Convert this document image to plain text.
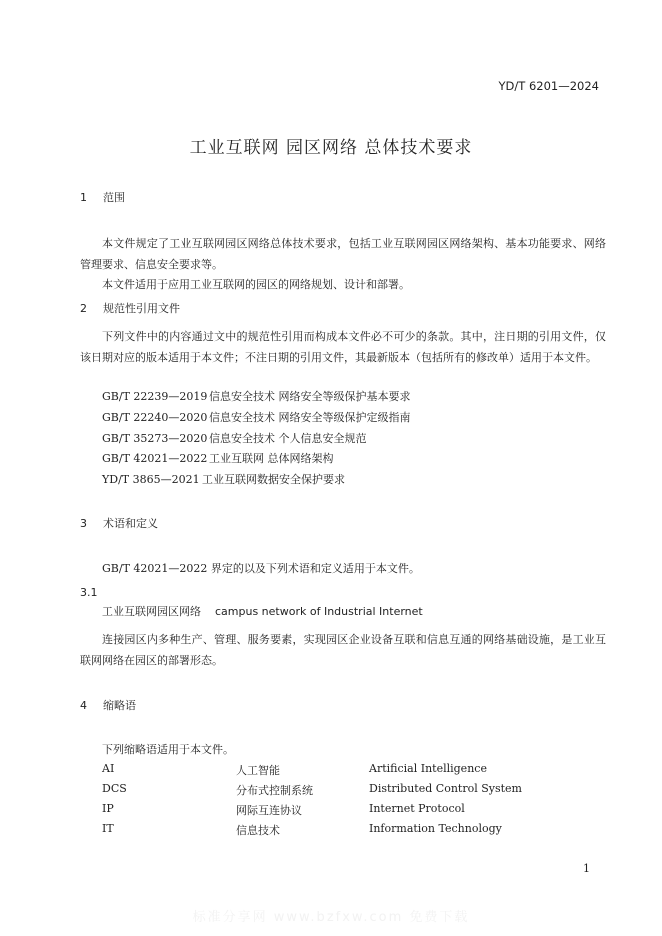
YD/T 6201—2024
工业互联网 园区网络 总体技术要求
1 范围
本文件规定了工业互联网园区网络总体技术要求，包括工业互联网园区网络架构、基本功能要求、网络管理要求、信息安全要求等。
本文件适用于应用工业互联网的园区的网络规划、设计和部署。
2 规范性引用文件
下列文件中的内容通过文中的规范性引用而构成本文件必不可少的条款。其中，注日期的引用文件，仅该日期对应的版本适用于本文件；不注日期的引用文件，其最新版本（包括所有的修改单）适用于本文件。
GB/T 22239—2019 信息安全技术 网络安全等级保护基本要求
GB/T 22240—2020 信息安全技术 网络安全等级保护定级指南
GB/T 35273—2020 信息安全技术 个人信息安全规范
GB/T 42021—2022 工业互联网 总体网络架构
YD/T 3865—2021 工业互联网数据安全保护要求
3 术语和定义
GB/T 42021—2022 界定的以及下列术语和定义适用于本文件。
3.1
工业互联网园区网络 campus network of Industrial Internet
连接园区内多种生产、管理、服务要素，实现园区企业设备互联和信息互通的网络基础设施，是工业互联网网络在园区的部署形态。
4 缩略语
下列缩略语适用于本文件。
AI	人工智能	Artificial Intelligence
DCS	分布式控制系统	Distributed Control System
IP	网际互连协议	Internet Protocol
IT	信息技术	Information Technology
1
标准分享网 www.bzfxw.com 免费下载
